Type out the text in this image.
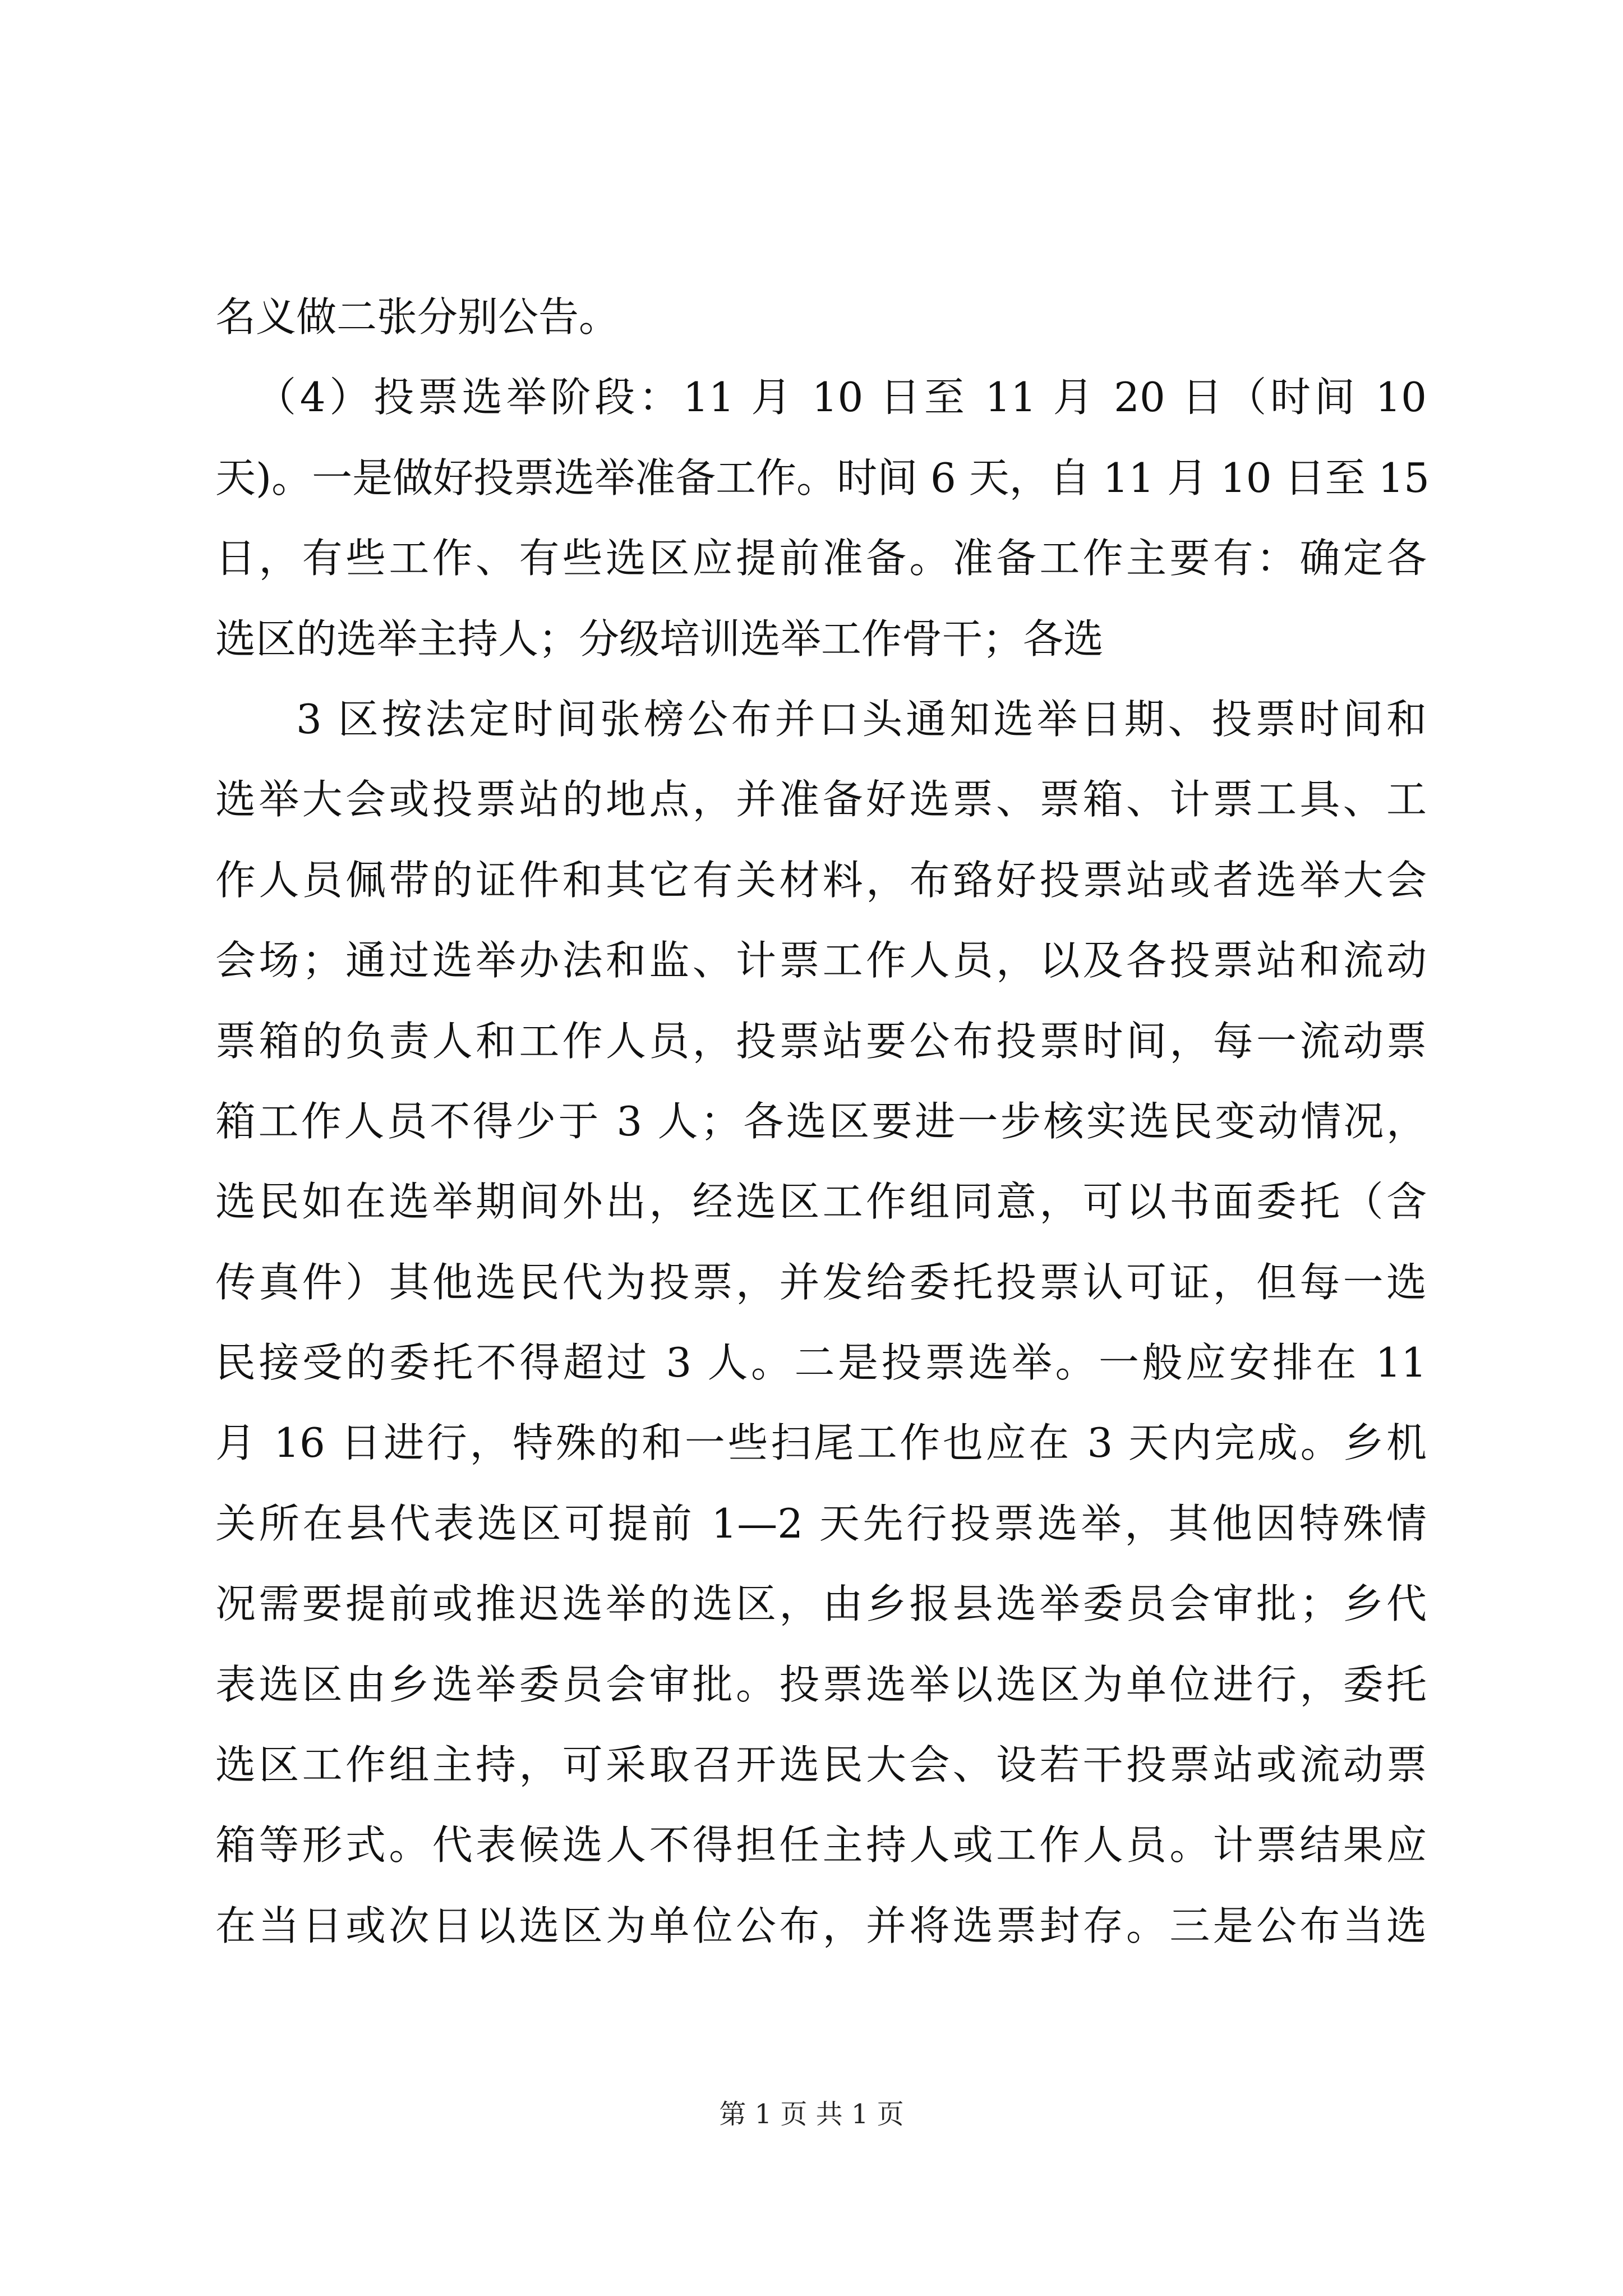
名义做二张分别公告。
（4）投票选举阶段：11 月 10 日至 11 月 20 日（时间 10
天)。一是做好投票选举准备工作。时间 6 天，自 11 月 10 日至 15
日，有些工作、有些选区应提前准备。准备工作主要有：确定各
选区的选举主持人；分级培训选举工作骨干；各选
3 区按法定时间张榜公布并口头通知选举日期、投票时间和
选举大会或投票站的地点，并准备好选票、票箱、计票工具、工
作人员佩带的证件和其它有关材料，布臵好投票站或者选举大会
会场；通过选举办法和监、计票工作人员，以及各投票站和流动
票箱的负责人和工作人员，投票站要公布投票时间，每一流动票
箱工作人员不得少于 3 人；各选区要进一步核实选民变动情况，
选民如在选举期间外出，经选区工作组同意，可以书面委托（含
传真件）其他选民代为投票，并发给委托投票认可证，但每一选
民接受的委托不得超过 3 人。二是投票选举。一般应安排在 11
月 16 日进行，特殊的和一些扫尾工作也应在 3 天内完成。乡机
关所在县代表选区可提前 1—2 天先行投票选举，其他因特殊情
况需要提前或推迟选举的选区，由乡报县选举委员会审批；乡代
表选区由乡选举委员会审批。投票选举以选区为单位进行，委托
选区工作组主持，可采取召开选民大会、设若干投票站或流动票
箱等形式。代表候选人不得担任主持人或工作人员。计票结果应
在当日或次日以选区为单位公布，并将选票封存。三是公布当选
第 1 页 共 1 页
